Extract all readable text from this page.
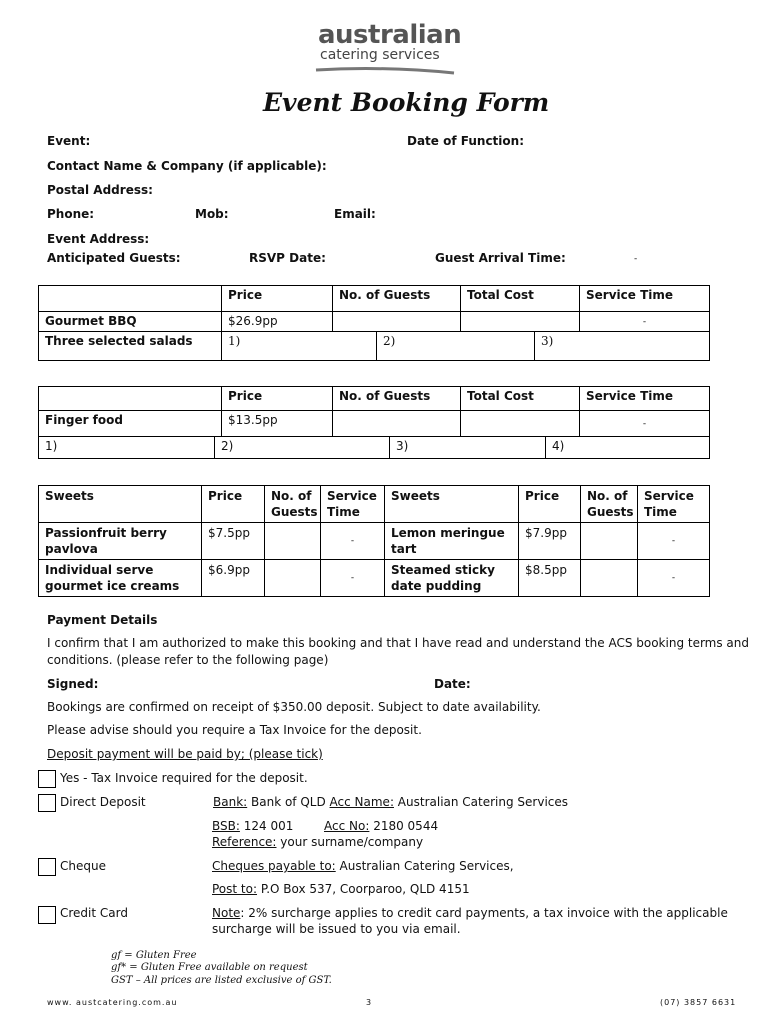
australian
catering services
Event Booking Form
Event:	Date of Function:
Contact Name & Company (if applicable):
Postal Address:
Phone:	Mob:	Email:
Event Address:
Anticipated Guests:	RSVP Date:	Guest Arrival Time:	-
	Price	No. of Guests	Total Cost	Service Time
Gourmet BBQ	$26.9pp			-
Three selected salads	1)	2)	3)
	Price	No. of Guests	Total Cost	Service Time
Finger food	$13.5pp			-
1)	2)	3)	4)
Sweets	Price	No. of Guests	Service Time	Sweets	Price	No. of Guests	Service Time
Passionfruit berry pavlova	$7.5pp		-	Lemon meringue tart	$7.9pp		-
Individual serve gourmet ice creams	$6.9pp		-	Steamed sticky date pudding	$8.5pp		-
Payment Details
I confirm that I am authorized to make this booking and that I have read and understand the ACS booking terms and
conditions. (please refer to the following page)
Signed:	Date:
Bookings are confirmed on receipt of $350.00 deposit. Subject to date availability.
Please advise should you require a Tax Invoice for the deposit.
Deposit payment will be paid by; (please tick)
Yes - Tax Invoice required for the deposit.
Direct Deposit	Bank: Bank of QLD Acc Name: Australian Catering Services
BSB: 124 001	Acc No: 2180 0544
Reference: your surname/company
Cheque	Cheques payable to: Australian Catering Services,
Post to: P.O Box 537, Coorparoo, QLD 4151
Credit Card	Note: 2% surcharge applies to credit card payments, a tax invoice with the applicable
surcharge will be issued to you via email.
gf = Gluten Free
gf* = Gluten Free available on request
GST – All prices are listed exclusive of GST.
www. austcatering.com.au	3	(07) 3857 6631
